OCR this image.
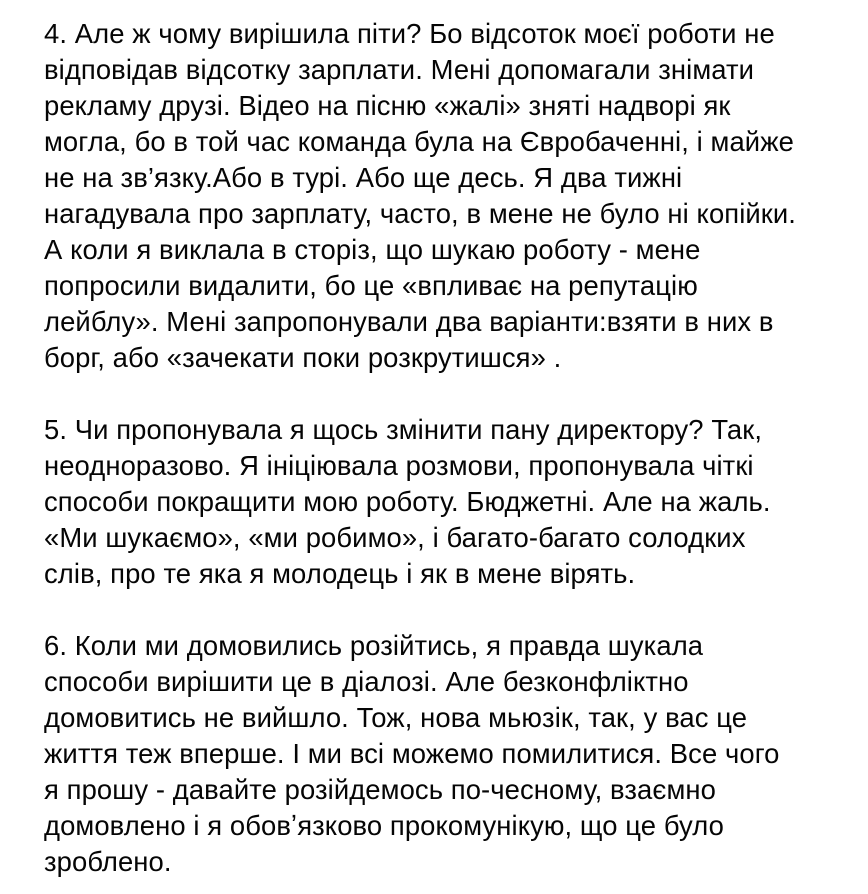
4. Але ж чому вирішила піти? Бо відсоток моєї роботи не
відповідав відсотку зарплати. Мені допомагали знімати
рекламу друзі. Відео на пісню «жалі» зняті надворі як
могла, бо в той час команда була на Євробаченні, і майже
не на зв’язку.Або в турі. Або ще десь. Я два тижні
нагадувала про зарплату, часто, в мене не було ні копійки.
А коли я виклала в сторіз, що шукаю роботу - мене
попросили видалити, бо це «впливає на репутацію
лейблу». Мені запропонували два варіанти:взяти в них в
борг, або «зачекати поки розкрутишся» .

5. Чи пропонувала я щось змінити пану директору? Так,
неодноразово. Я ініціювала розмови, пропонувала чіткі
способи покращити мою роботу. Бюджетні. Але на жаль.
«Ми шукаємо», «ми робимо», і багато-багато солодких
слів, про те яка я молодець і як в мене вірять.

6. Коли ми домовились розійтись, я правда шукала
способи вирішити це в діалозі. Але безконфліктно
домовитись не вийшло. Тож, нова мьюзік, так, у вас це
життя теж вперше. І ми всі можемо помилитися. Все чого
я прошу - давайте розійдемось по-чесному, взаємно
домовлено і я обовʼязково прокомунікую, що це було
зроблено.
